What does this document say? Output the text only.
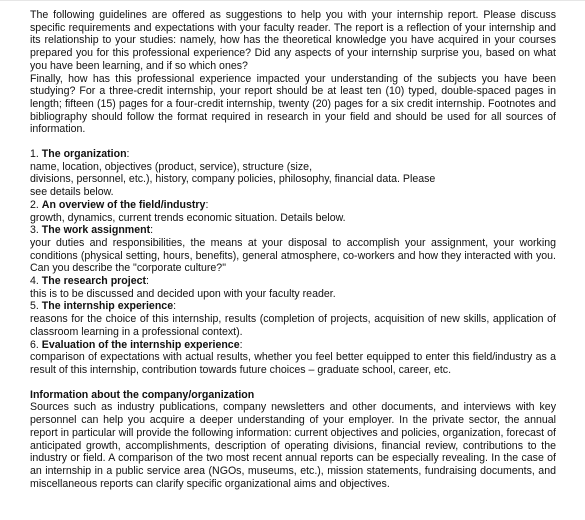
The following guidelines are offered as suggestions to help you with your internship report. Please discuss specific requirements and expectations with your faculty reader. The report is a reflection of your internship and its relationship to your studies: namely, how has the theoretical knowledge you have acquired in your courses prepared you for this professional experience? Did any aspects of your internship surprise you, based on what you have been learning, and if so which ones?

Finally, how has this professional experience impacted your understanding of the subjects you have been studying? For a three-credit internship, your report should be at least ten (10) typed, double-spaced pages in length; fifteen (15) pages for a four-credit internship, twenty (20) pages for a six credit internship. Footnotes and bibliography should follow the format required in research in your field and should be used for all sources of information.

1. The organization:
name, location, objectives (product, service), structure (size,
divisions, personnel, etc.), history, company policies, philosophy, financial data. Please
see details below.
2. An overview of the field/industry:
growth, dynamics, current trends economic situation. Details below.
3. The work assignment:

your duties and responsibilities, the means at your disposal to accomplish your assignment, your working conditions (physical setting, hours, benefits), general atmosphere, co-workers and how they interacted with you. Can you describe the "corporate culture?"

4. The research project:
this is to be discussed and decided upon with your faculty reader.
5. The internship experience:

reasons for the choice of this internship, results (completion of projects, acquisition of new skills, application of classroom learning in a professional context).

6. Evaluation of the internship experience:

comparison of expectations with actual results, whether you feel better equipped to enter this field/industry as a result of this internship, contribution towards future choices – graduate school, career, etc.

Information about the company/organization

Sources such as industry publications, company newsletters and other documents, and interviews with key personnel can help you acquire a deeper understanding of your employer. In the private sector, the annual report in particular will provide the following information: current objectives and policies, organization, forecast of anticipated growth, accomplishments, description of operating divisions, financial review, contributions to the industry or field. A comparison of the two most recent annual reports can be especially revealing. In the case of an internship in a public service area (NGOs, museums, etc.), mission statements, fundraising documents, and miscellaneous reports can clarify specific organizational aims and objectives.
